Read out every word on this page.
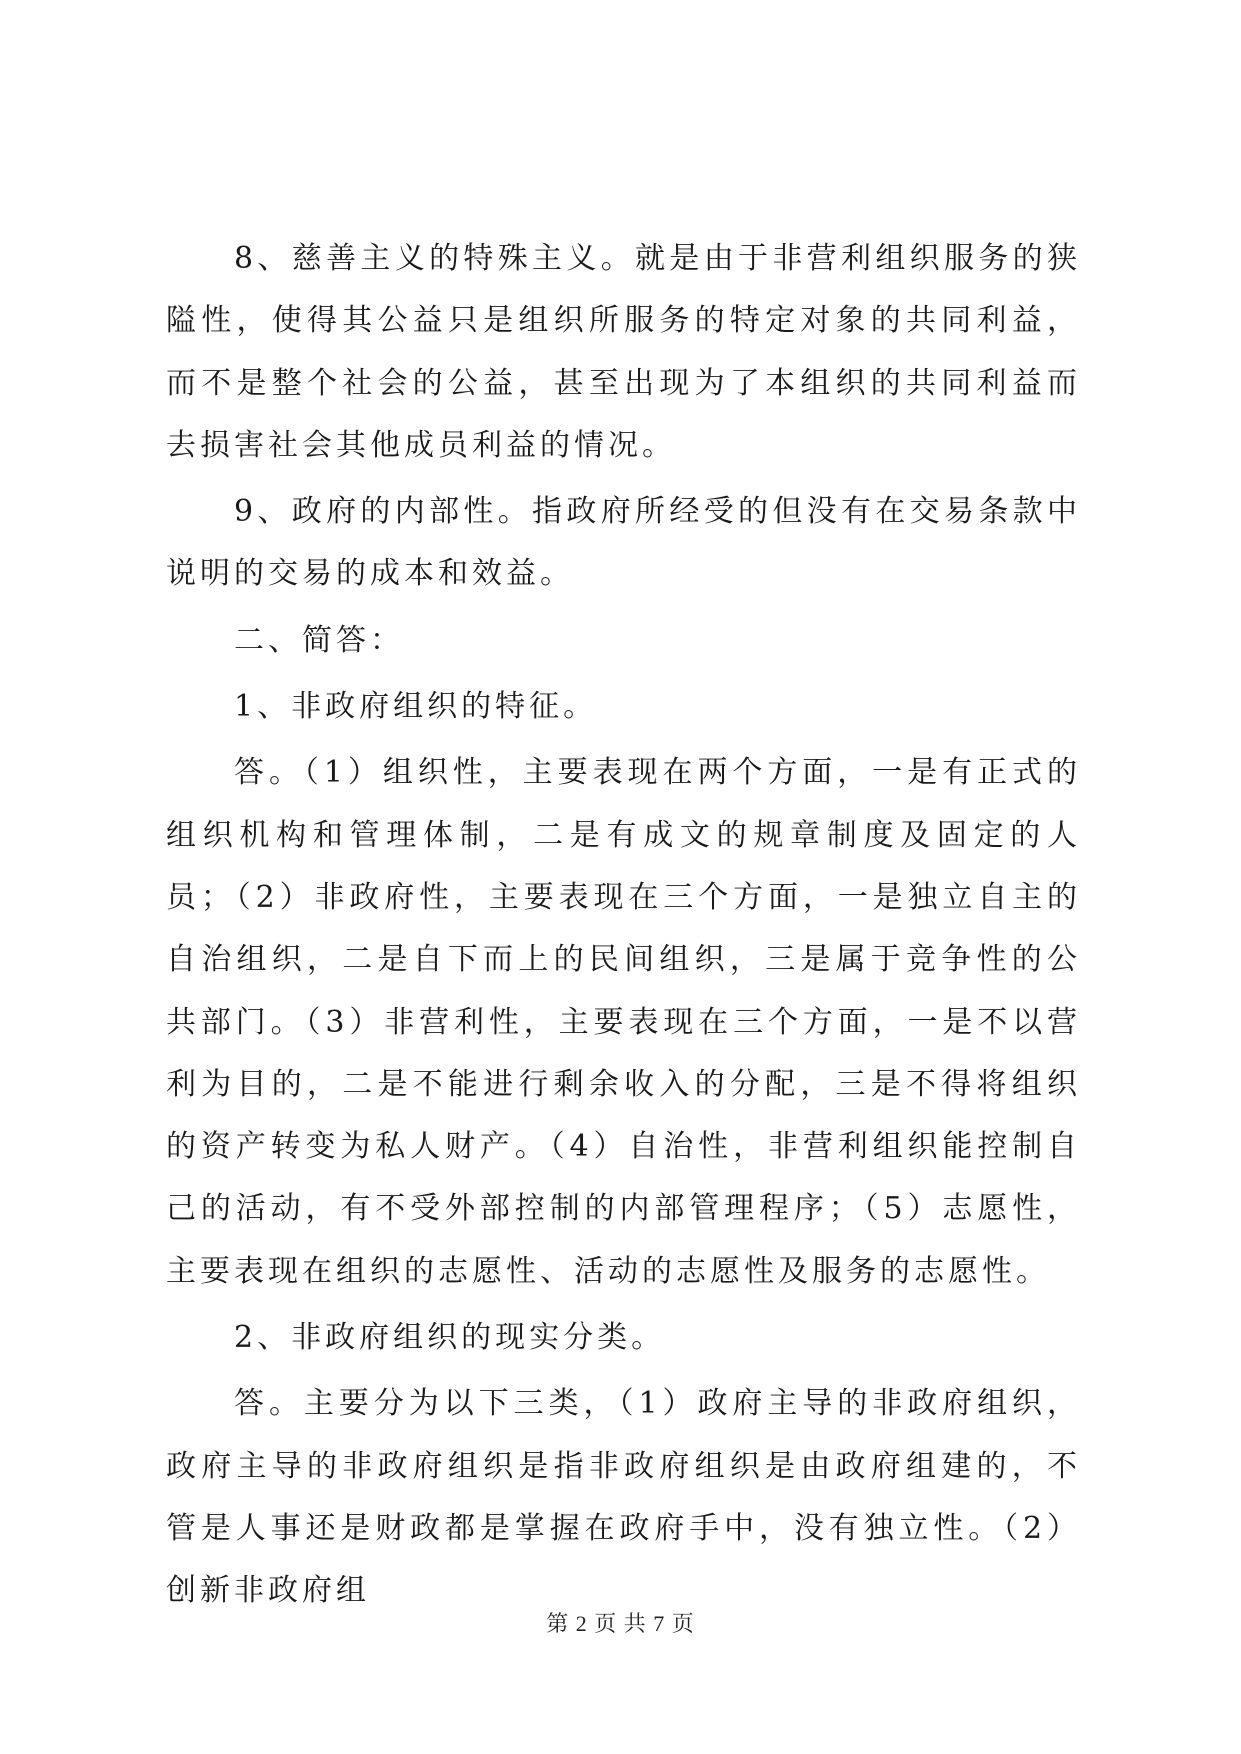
8、慈善主义的特殊主义。就是由于非营利组织服务的狭隘性，使得其公益只是组织所服务的特定对象的共同利益，而不是整个社会的公益，甚至出现为了本组织的共同利益而去损害社会其他成员利益的情况。

9、政府的内部性。指政府所经受的但没有在交易条款中说明的交易的成本和效益。

二、简答：

1、非政府组织的特征。

答。（1）组织性，主要表现在两个方面，一是有正式的组织机构和管理体制，二是有成文的规章制度及固定的人员；（2）非政府性，主要表现在三个方面，一是独立自主的自治组织，二是自下而上的民间组织，三是属于竞争性的公共部门。（3）非营利性，主要表现在三个方面，一是不以营利为目的，二是不能进行剩余收入的分配，三是不得将组织的资产转变为私人财产。（4）自治性，非营利组织能控制自己的活动，有不受外部控制的内部管理程序；（5）志愿性，主要表现在组织的志愿性、活动的志愿性及服务的志愿性。

2、非政府组织的现实分类。

答。主要分为以下三类，（1）政府主导的非政府组织，政府主导的非政府组织是指非政府组织是由政府组建的，不管是人事还是财政都是掌握在政府手中，没有独立性。（2）创新非政府组

第 2 页 共 7 页
